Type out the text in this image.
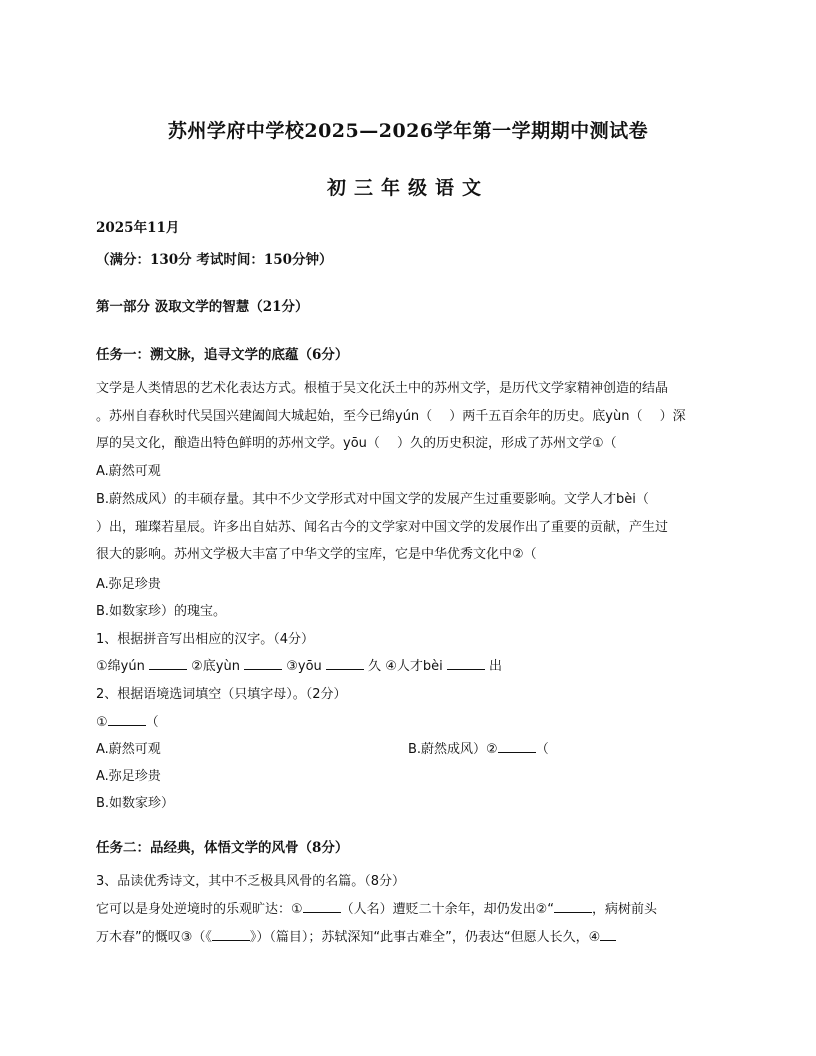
苏州学府中学校2025—2026学年第一学期期中测试卷
初三年级语文
2025年11月
（满分：130分 考试时间：150分钟）
第一部分 汲取文学的智慧（21分）
任务一：溯文脉，追寻文学的底蕴（6分）
文学是人类情思的艺术化表达方式。根植于吴文化沃土中的苏州文学，是历代文学家精神创造的结晶
。苏州自春秋时代吴国兴建阖闾大城起始，至今已绵yún（　 ）两千五百余年的历史。底yùn（　 ）深
厚的吴文化，酿造出特色鲜明的苏州文学。yōu（　 ）久的历史积淀，形成了苏州文学①（
A.蔚然可观
B.蔚然成风）的丰硕存量。其中不少文学形式对中国文学的发展产生过重要影响。文学人才bèi（
）出，璀璨若星辰。许多出自姑苏、闻名古今的文学家对中国文学的发展作出了重要的贡献，产生过
很大的影响。苏州文学极大丰富了中华文学的宝库，它是中华优秀文化中②（
A.弥足珍贵
B.如数家珍）的瑰宝。
1、根据拼音写出相应的汉字。（4分）
①绵yún	②底yùn	③yōu	久 ④人才bèi	出
2、根据语境选词填空（只填字母）。（2分）
①	（
A.蔚然可观	B.蔚然成风）②	（
A.弥足珍贵
B.如数家珍）
任务二：品经典，体悟文学的风骨（8分）
3、品读优秀诗文，其中不乏极具风骨的名篇。（8分）
它可以是身处逆境时的乐观旷达：①	（人名）遭贬二十余年，却仍发出②“	，病树前头
万木春”的慨叹③（《	》）（篇目）；苏轼深知“此事古难全”，仍表达“但愿人长久，④
